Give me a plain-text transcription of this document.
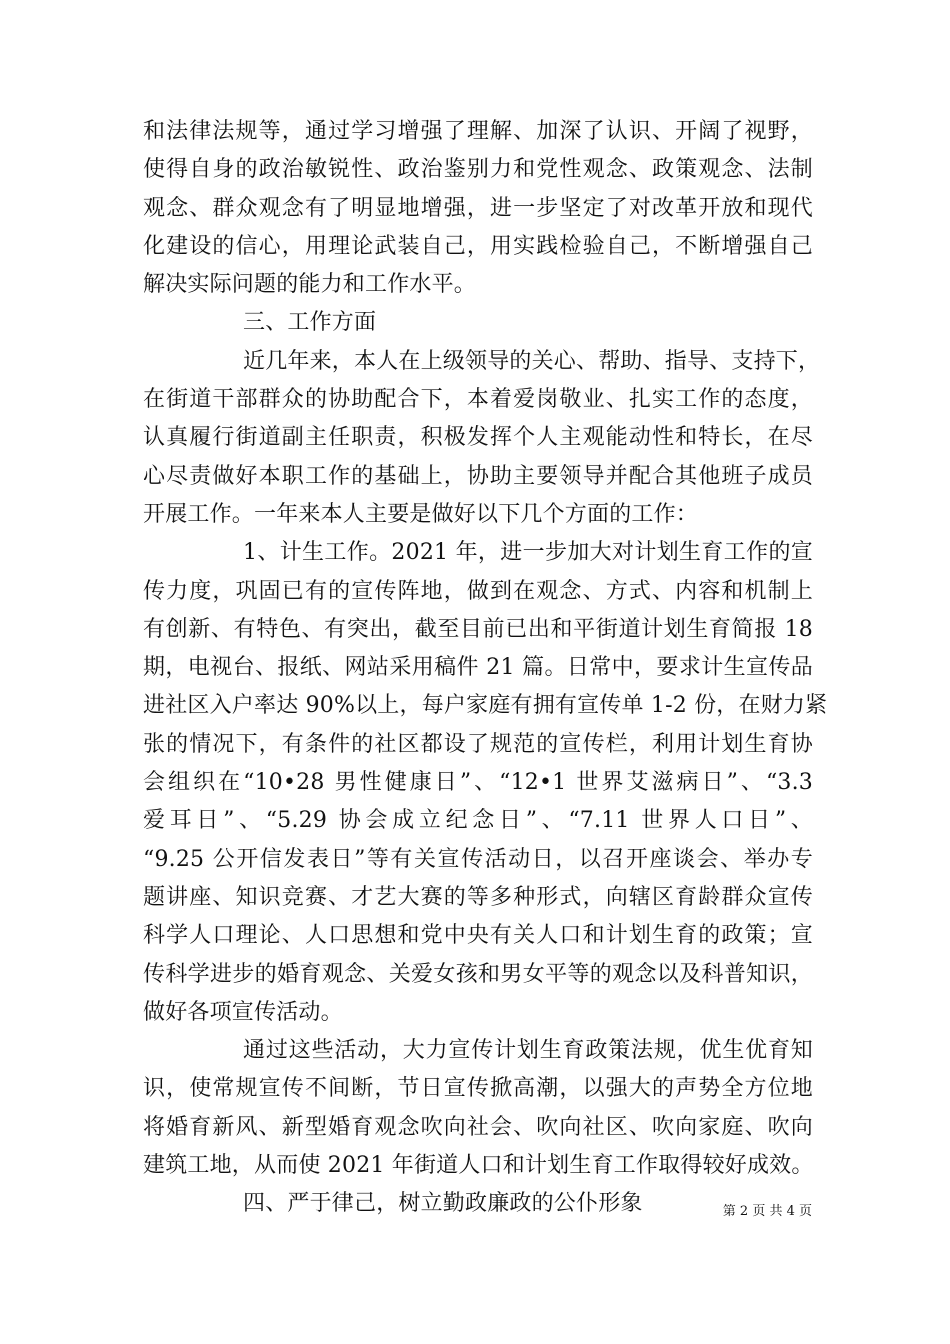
和法律法规等，通过学习增强了理解、加深了认识、开阔了视野，
使得自身的政治敏锐性、政治鉴别力和党性观念、政策观念、法制
观念、群众观念有了明显地增强，进一步坚定了对改革开放和现代
化建设的信心，用理论武装自己，用实践检验自己，不断增强自己
解决实际问题的能力和工作水平。
三、工作方面
近几年来，本人在上级领导的关心、帮助、指导、支持下，
在街道干部群众的协助配合下，本着爱岗敬业、扎实工作的态度，
认真履行街道副主任职责，积极发挥个人主观能动性和特长，在尽
心尽责做好本职工作的基础上，协助主要领导并配合其他班子成员
开展工作。一年来本人主要是做好以下几个方面的工作：
1、计生工作。2021 年，进一步加大对计划生育工作的宣
传力度，巩固已有的宣传阵地，做到在观念、方式、内容和机制上
有创新、有特色、有突出，截至目前已出和平街道计划生育简报 18
期，电视台、报纸、网站采用稿件 21 篇。日常中，要求计生宣传品
进社区入户率达 90%以上，每户家庭有拥有宣传单 1-2 份，在财力紧
张的情况下，有条件的社区都设了规范的宣传栏，利用计划生育协
会组织在“10•28 男性健康日”、“12•1 世界艾滋病日”、“3.3
爱耳日”、“5.29 协会成立纪念日”、“7.11 世界人口日”、
“9.25 公开信发表日”等有关宣传活动日，以召开座谈会、举办专
题讲座、知识竞赛、才艺大赛的等多种形式，向辖区育龄群众宣传
科学人口理论、人口思想和党中央有关人口和计划生育的政策；宣
传科学进步的婚育观念、关爱女孩和男女平等的观念以及科普知识，
做好各项宣传活动。
通过这些活动，大力宣传计划生育政策法规，优生优育知
识，使常规宣传不间断，节日宣传掀高潮，以强大的声势全方位地
将婚育新风、新型婚育观念吹向社会、吹向社区、吹向家庭、吹向
建筑工地，从而使 2021 年街道人口和计划生育工作取得较好成效。
四、严于律己，树立勤政廉政的公仆形象	第 2 页 共 4 页
